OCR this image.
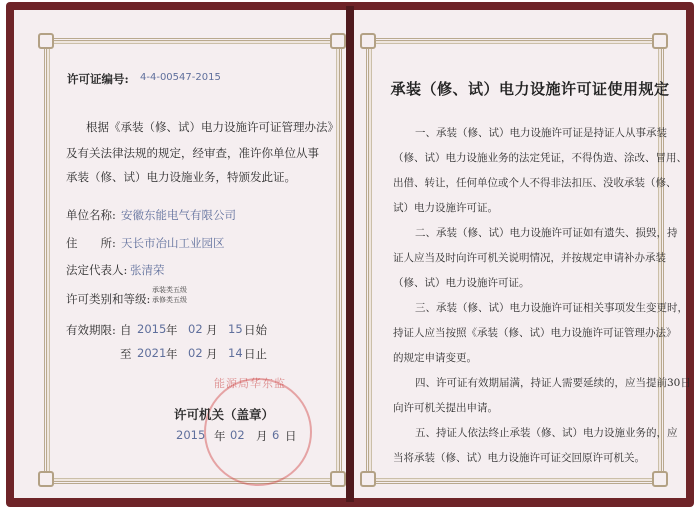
许可证编号: 4-4-00547-2015
根据《承装（修、试）电力设施许可证管理办法》
及有关法律法规的规定，经审查，准许你单位从事
承装（修、试）电力设施业务，特颁发此证。
单位名称: 安徽东能电气有限公司
住　　所: 天长市冶山工业园区
法定代表人: 张清荣
许可类别和等级:
承装类五级
承修类五级
有效期限: 自 2015 年 02 月 15 日始
至 2021 年 02 月 14 日止
能源局华东监
许可机关（盖章）
2015 年 02 月 6 日
承装（修、试）电力设施许可证使用规定
一、承装（修、试）电力设施许可证是持证人从事承装
（修、试）电力设施业务的法定凭证，不得伪造、涂改、冒用、
出借、转让，任何单位或个人不得非法扣压、没收承装（修、
试）电力设施许可证。
二、承装（修、试）电力设施许可证如有遗失、损毁，持
证人应当及时向许可机关说明情况，并按规定申请补办承装
（修、试）电力设施许可证。
三、承装（修、试）电力设施许可证相关事项发生变更时，
持证人应当按照《承装（修、试）电力设施许可证管理办法》
的规定申请变更。
四、许可证有效期届满，持证人需要延续的，应当提前30日
向许可机关提出申请。
五、持证人依法终止承装（修、试）电力设施业务的，应
当将承装（修、试）电力设施许可证交回原许可机关。
